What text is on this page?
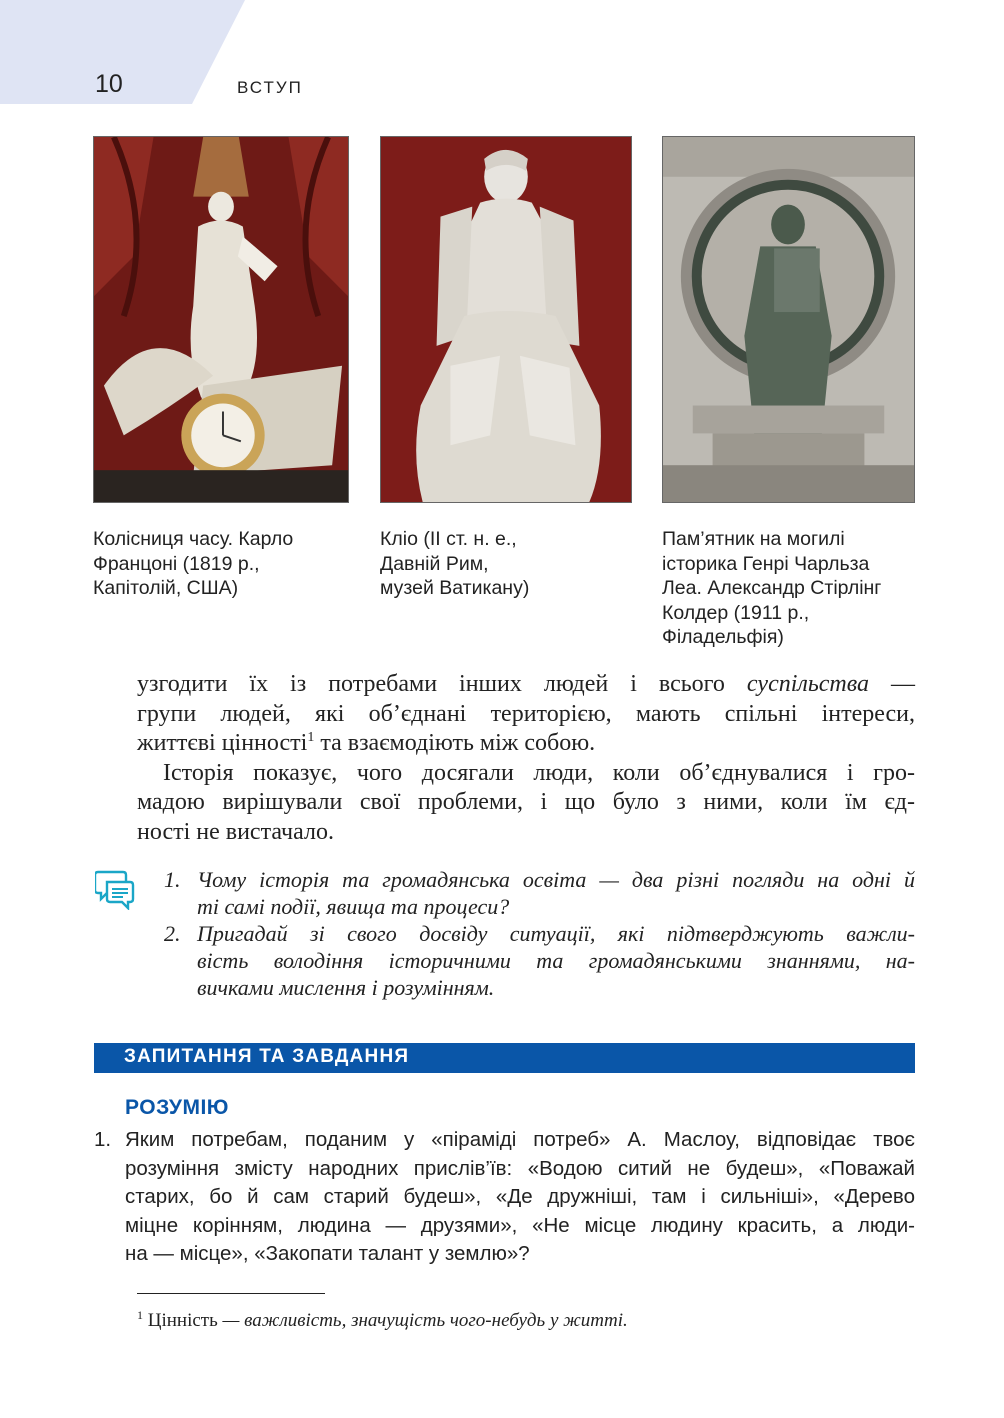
10	ВСТУП
Колісниця часу. Карло
Францоні (1819 р.,
Капітолій, США)
Кліо (ІІ ст. н. е.,
Давній Рим,
музей Ватикану)
Пам’ятник на могилі
історика Генрі Чарльза
Леа. Александр Стірлінг
Колдер (1911 р.,
Філадельфія)
узгодити їх із потребами інших людей і всього суспільства —
групи людей, які об’єднані територією, мають спільні інтереси,
життєві цінності$^1$ та взаємодіють між собою.
Історія показує, чого досягали люди, коли об’єднувалися і гро-
мадою вирішували свої проблеми, і що було з ними, коли їм єд-
ності не вистачало.
1. Чому історія та громадянська освіта — два різні погляди на одні й
ті самі події, явища та процеси?
2. Пригадай зі свого досвіду ситуації, які підтверджують важли-
вість володіння історичними та громадянськими знаннями, на-
вичками мислення і розумінням.
ЗАПИТАННЯ ТА ЗАВДАННЯ
РОЗУМІЮ
1. Яким потребам, поданим у «піраміді потреб» А. Маслоу, відповідає твоє
розуміння змісту народних прислів’їв: «Водою ситий не будеш», «Поважай
старих, бо й сам старий будеш», «Де дружніші, там і сильніші», «Дерево
міцне корінням, людина — друзями», «Не місце людину красить, а люди-
на — місце», «Закопати талант у землю»?
$^1$ Цінність — важливість, значущість чого-небудь у житті.
